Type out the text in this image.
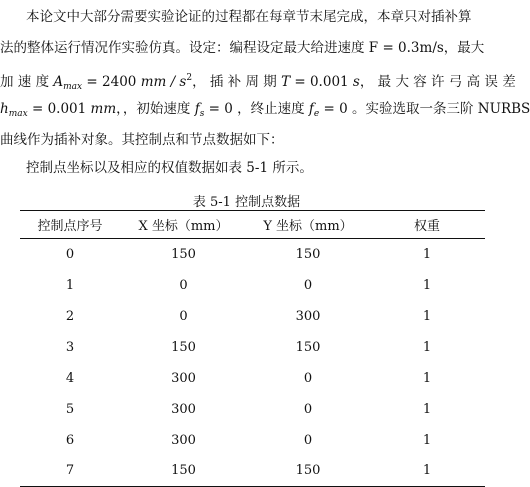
本论文中大部分需要实验论证的过程都在每章节末尾完成，本章只对插补算
法的整体运行情况作实验仿真。设定：编程设定最大给进速度 F = 0.3m/s，最大
加 速 度 $A_{max} = 2400$ mm / $s^2$， 插 补 周 期 T = 0.001 s， 最 大 容 许 弓 高 误 差
$h_{max} = 0.001$ mm，，初始速度 $f_s = 0$ ，终止速度 $f_e = 0$ 。实验选取一条三阶 NURBS
曲线作为插补对象。其控制点和节点数据如下：
控制点坐标以及相应的权值数据如表 5-1 所示。
表 5-1 控制点数据
控制点序号	X 坐标（mm）	Y 坐标（mm）	权重
0	150	150	1
1	0	0	1
2	0	300	1
3	150	150	1
4	300	0	1
5	300	0	1
6	300	0	1
7	150	150	1
